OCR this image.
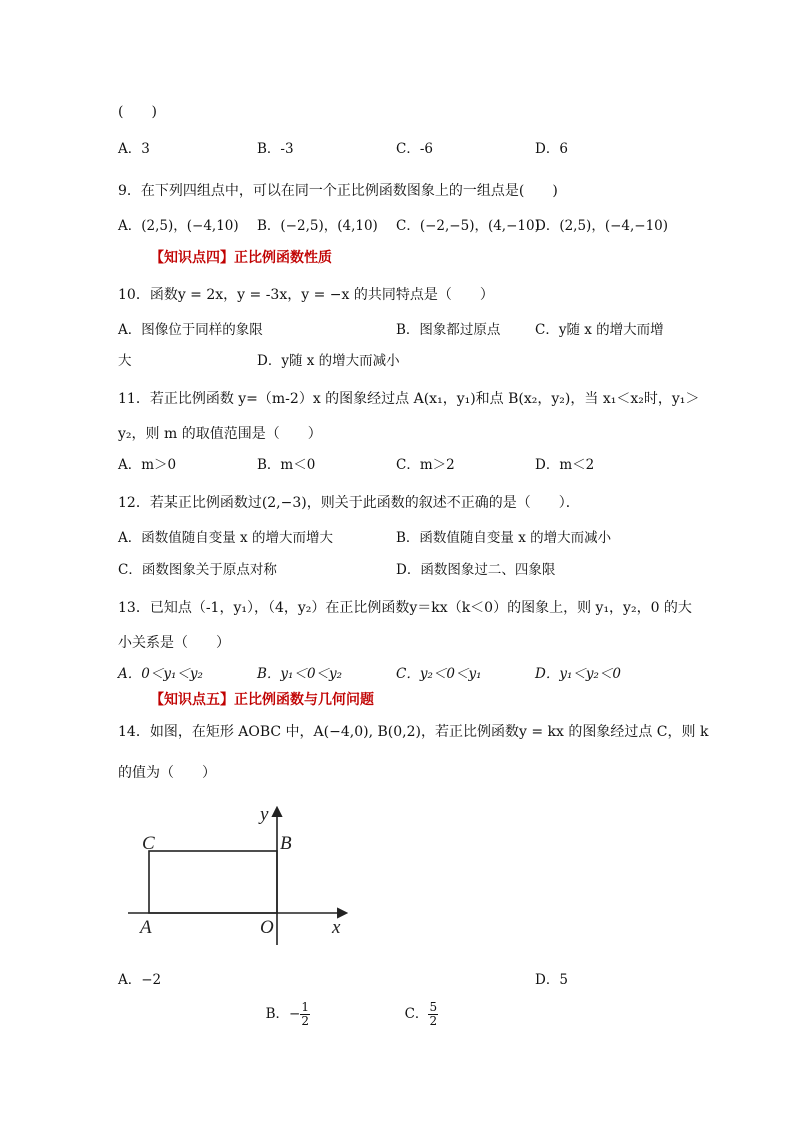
(　　)
A．3	B．-3	C．-6	D．6
9．在下列四组点中，可以在同一个正比例函数图象上的一组点是(　　)
A．(2,5)，(−4,10) B．(−2,5)，(4,10) C．(−2,−5)，(4,−10)
D．(2,5)，(−4,−10)
【知识点四】正比例函数性质
10．函数y = 2x，y = -3x，y = −x 的共同特点是（　　）
A．图像位于同样的象限	B．图象都过原点	C．y随 x 的增大而增
大	D．y随 x 的增大而减小
11．若正比例函数 y=（m-2）x 的图象经过点 A(x₁，y₁)和点 B(x₂，y₂)，当 x₁＜x₂时，y₁＞
y₂，则 m 的取值范围是（　　）
A．m＞0	B．m＜0	C．m＞2	D．m＜2
12．若某正比例函数过(2,−3)，则关于此函数的叙述不正确的是（　　）．
A．函数值随自变量 x 的增大而增大	B．函数值随自变量 x 的增大而减小
C．函数图象关于原点对称	D．函数图象过二、四象限
13．已知点（-1，y₁），（4，y₂）在正比例函数y＝kx（k＜0）的图象上，则 y₁，y₂，0 的大
小关系是（　　）
A．0＜y₁＜y₂	B．y₁＜0＜y₂	C．y₂＜0＜y₁	D．y₁＜y₂＜0
【知识点五】正比例函数与几何问题
14．如图，在矩形 AOBC 中，A(−4,0), B(0,2)，若正比例函数y = kx 的图象经过点 C，则 k
的值为（　　）
y
B
C
A	O	x
A．−2

B．− $\frac{1}{2}$	C． $\frac{5}{2}$

D．5
